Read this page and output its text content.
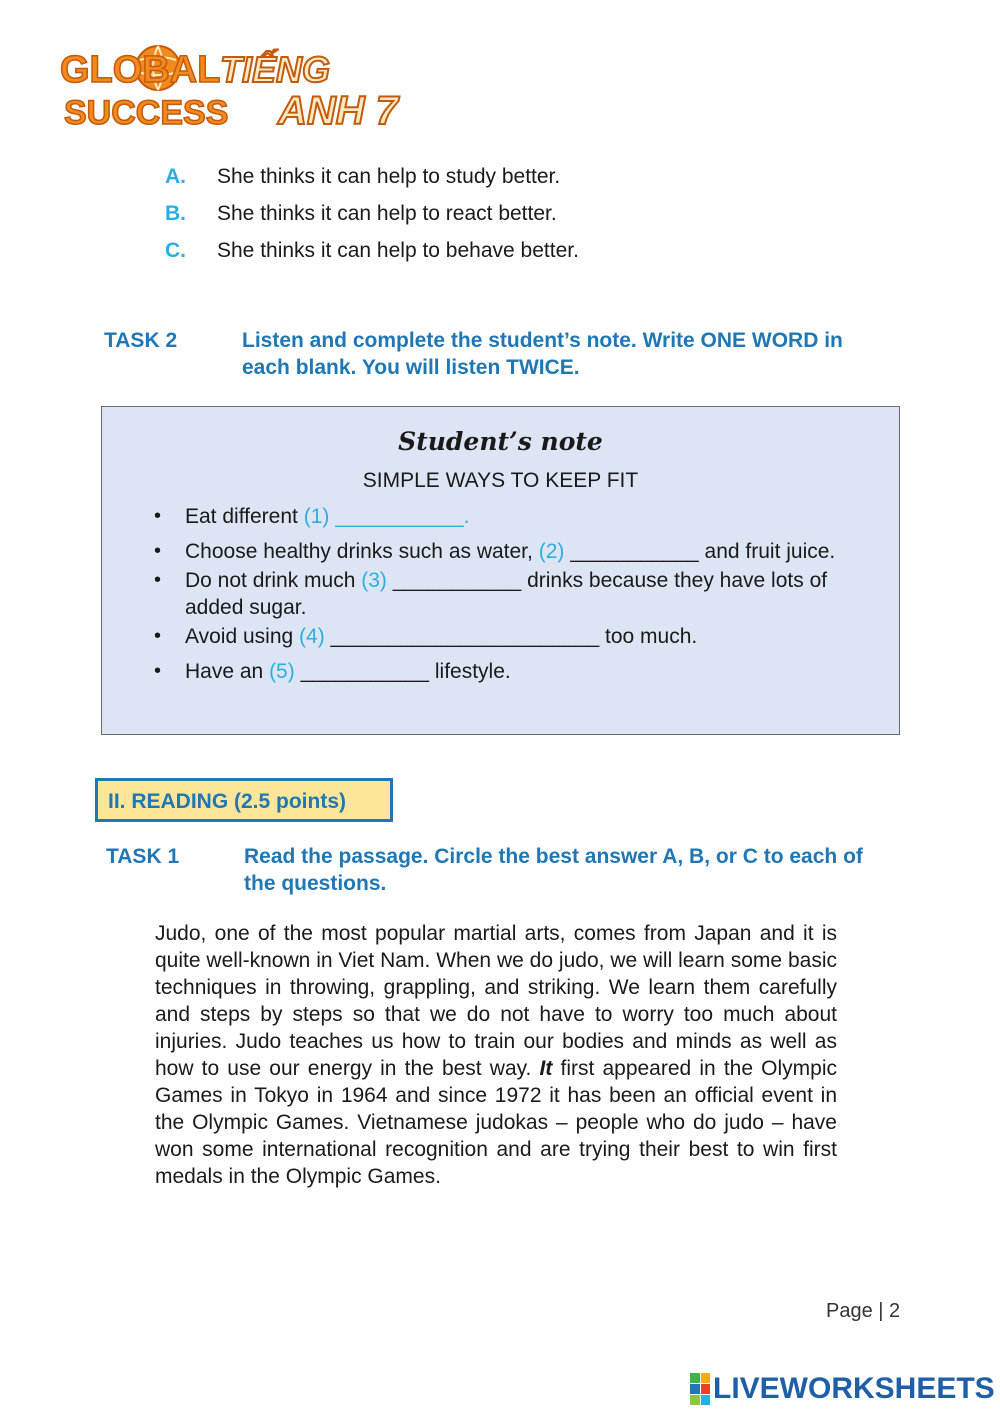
GLOBAL
SUCCESS
TIẾNG
ANH 7
A.	She thinks it can help to study better.
B.	She thinks it can help to react better.
C.	She thinks it can help to behave better.
TASK 2	Listen and complete the student’s note. Write ONE WORD in each blank. You will listen TWICE.
Student’s note
SIMPLE WAYS TO KEEP FIT
• Eat different (1) ___________.
• Choose healthy drinks such as water, (2) ___________ and fruit juice.
• Do not drink much (3) ___________ drinks because they have lots of added sugar.
• Avoid using (4) _______________________ too much.
• Have an (5) ___________ lifestyle.
II. READING (2.5 points)
TASK 1	Read the passage. Circle the best answer A, B, or C to each of the questions.
Judo, one of the most popular martial arts, comes from Japan and it is quite well-known in Viet Nam. When we do judo, we will learn some basic techniques in throwing, grappling, and striking. We learn them carefully and steps by steps so that we do not have to worry too much about injuries. Judo teaches us how to train our bodies and minds as well as how to use our energy in the best way. It first appeared in the Olympic Games in Tokyo in 1964 and since 1972 it has been an official event in the Olympic Games. Vietnamese judokas – people who do judo – have won some international recognition and are trying their best to win first medals in the Olympic Games.
Page | 2
LIVEWORKSHEETS
